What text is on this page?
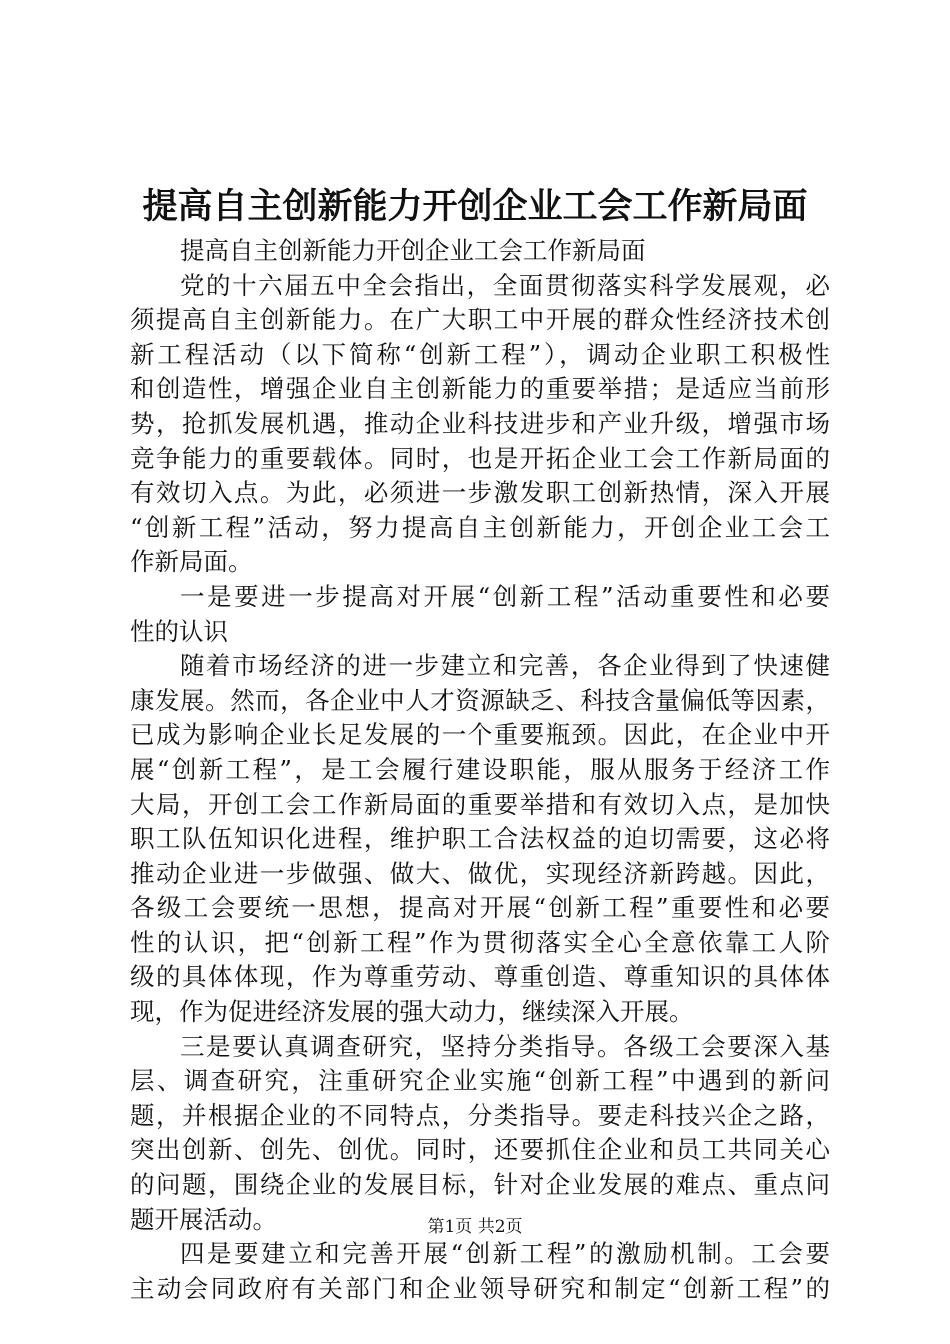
提高自主创新能力开创企业工会工作新局面
提高自主创新能力开创企业工会工作新局面
党的十六届五中全会指出，全面贯彻落实科学发展观，必
须提高自主创新能力。在广大职工中开展的群众性经济技术创
新工程活动（以下简称“创新工程”），调动企业职工积极性
和创造性，增强企业自主创新能力的重要举措；是适应当前形
势，抢抓发展机遇，推动企业科技进步和产业升级，增强市场
竞争能力的重要载体。同时，也是开拓企业工会工作新局面的
有效切入点。为此，必须进一步激发职工创新热情，深入开展
“创新工程”活动，努力提高自主创新能力，开创企业工会工
作新局面。
一是要进一步提高对开展“创新工程”活动重要性和必要
性的认识
随着市场经济的进一步建立和完善，各企业得到了快速健
康发展。然而，各企业中人才资源缺乏、科技含量偏低等因素，
已成为影响企业长足发展的一个重要瓶颈。因此，在企业中开
展“创新工程”，是工会履行建设职能，服从服务于经济工作
大局，开创工会工作新局面的重要举措和有效切入点，是加快
职工队伍知识化进程，维护职工合法权益的迫切需要，这必将
推动企业进一步做强、做大、做优，实现经济新跨越。因此，
各级工会要统一思想，提高对开展“创新工程”重要性和必要
性的认识，把“创新工程”作为贯彻落实全心全意依靠工人阶
级的具体体现，作为尊重劳动、尊重创造、尊重知识的具体体
现，作为促进经济发展的强大动力，继续深入开展。
三是要认真调查研究，坚持分类指导。各级工会要深入基
层、调查研究，注重研究企业实施“创新工程”中遇到的新问
题，并根据企业的不同特点，分类指导。要走科技兴企之路，
突出创新、创先、创优。同时，还要抓住企业和员工共同关心
的问题，围绕企业的发展目标，针对企业发展的难点、重点问
题开展活动。
四是要建立和完善开展“创新工程”的激励机制。工会要
主动会同政府有关部门和企业领导研究和制定“创新工程”的
第1页 共2页
